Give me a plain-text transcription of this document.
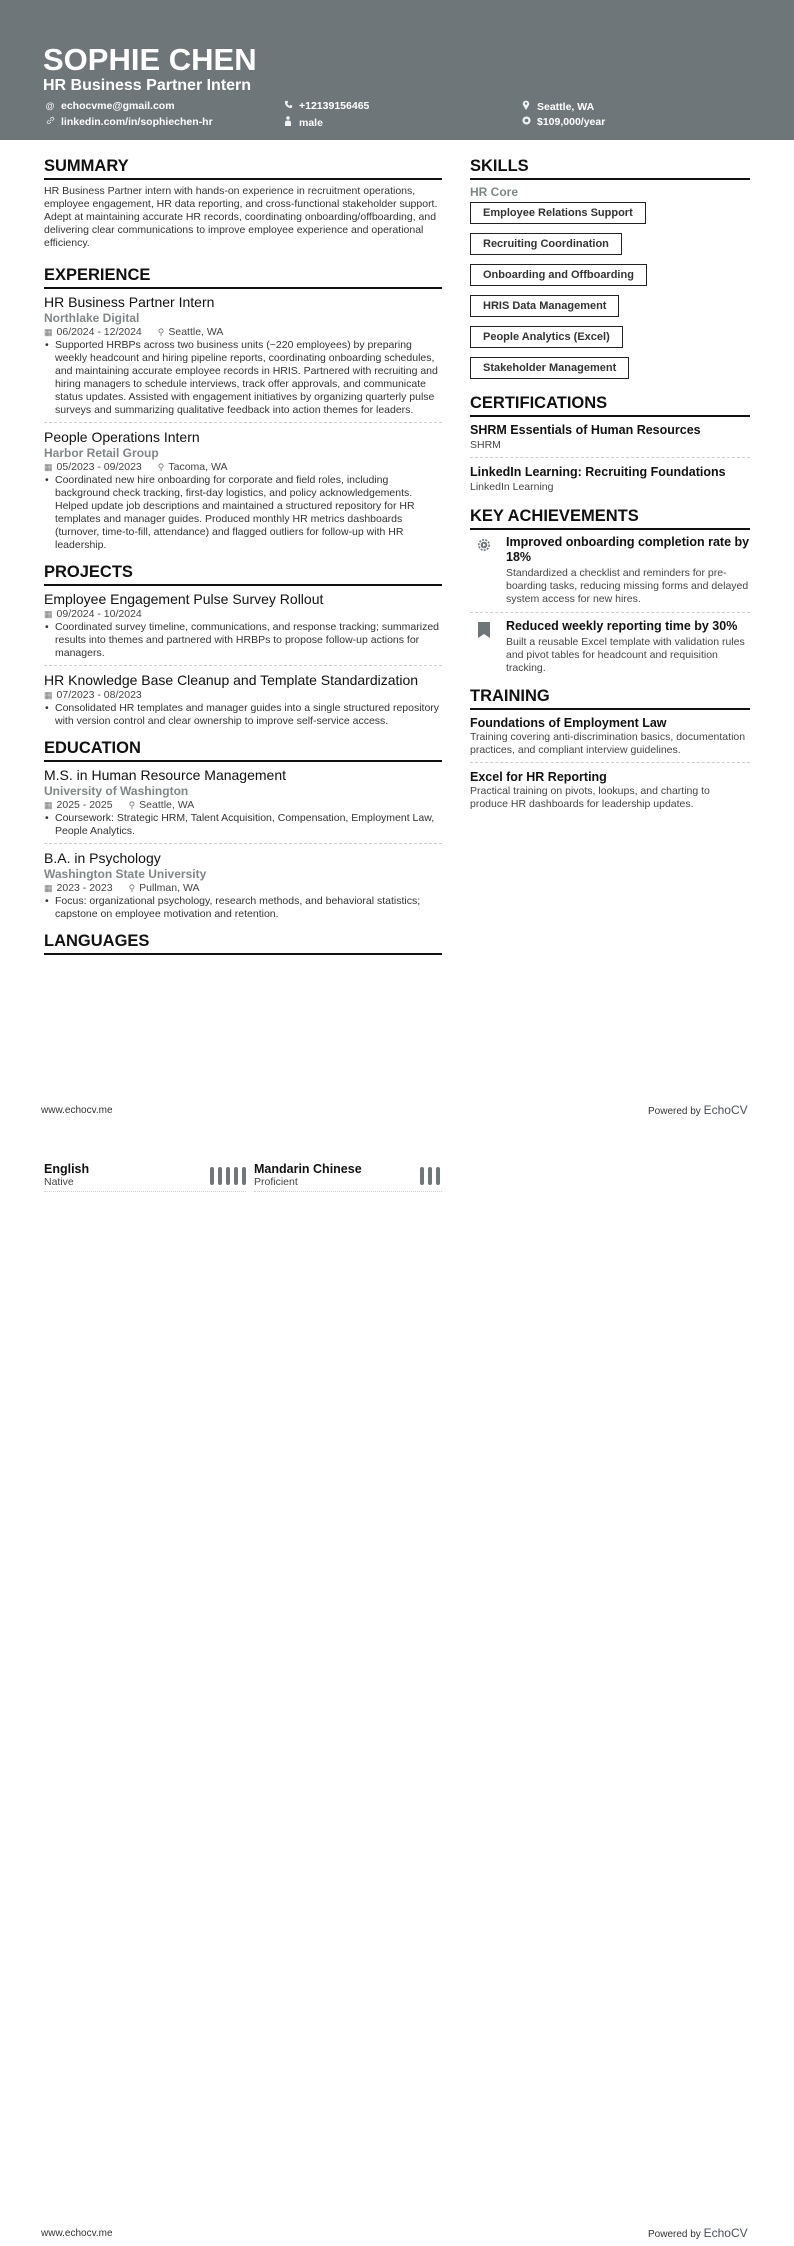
SOPHIE CHEN
HR Business Partner Intern
@ echocvme@gmail.com
linkedin.com/in/sophiechen-hr
+12139156465
male
Seattle, WA
$109,000/year
SUMMARY
HR Business Partner intern with hands-on experience in recruitment operations, employee engagement, HR data reporting, and cross-functional stakeholder support. Adept at maintaining accurate HR records, coordinating onboarding/offboarding, and delivering clear communications to improve employee experience and operational efficiency.
EXPERIENCE
HR Business Partner Intern
Northlake Digital
▦ 06/2024 - 12/2024 ⚲ Seattle, WA
• Supported HRBPs across two business units (~220 employees) by preparing weekly headcount and hiring pipeline reports, coordinating onboarding schedules, and maintaining accurate employee records in HRIS. Partnered with recruiting and hiring managers to schedule interviews, track offer approvals, and communicate status updates. Assisted with engagement initiatives by organizing quarterly pulse surveys and summarizing qualitative feedback into action themes for leaders.
People Operations Intern
Harbor Retail Group
▦ 05/2023 - 09/2023 ⚲ Tacoma, WA
• Coordinated new hire onboarding for corporate and field roles, including background check tracking, first-day logistics, and policy acknowledgements. Helped update job descriptions and maintained a structured repository for HR templates and manager guides. Produced monthly HR metrics dashboards (turnover, time-to-fill, attendance) and flagged outliers for follow-up with HR leadership.
PROJECTS
Employee Engagement Pulse Survey Rollout
▦ 09/2024 - 10/2024
• Coordinated survey timeline, communications, and response tracking; summarized results into themes and partnered with HRBPs to propose follow-up actions for managers.
HR Knowledge Base Cleanup and Template Standardization
▦ 07/2023 - 08/2023
• Consolidated HR templates and manager guides into a single structured repository with version control and clear ownership to improve self-service access.
EDUCATION
M.S. in Human Resource Management
University of Washington
▦ 2025 - 2025 ⚲ Seattle, WA
• Coursework: Strategic HRM, Talent Acquisition, Compensation, Employment Law, People Analytics.
B.A. in Psychology
Washington State University
▦ 2023 - 2023 ⚲ Pullman, WA
• Focus: organizational psychology, research methods, and behavioral statistics; capstone on employee motivation and retention.
LANGUAGES
SKILLS
HR Core
Employee Relations Support
Recruiting Coordination
Onboarding and Offboarding
HRIS Data Management
People Analytics (Excel)
Stakeholder Management
CERTIFICATIONS
SHRM Essentials of Human Resources
SHRM
LinkedIn Learning: Recruiting Foundations
LinkedIn Learning
KEY ACHIEVEMENTS
Improved onboarding completion rate by 18%
Standardized a checklist and reminders for pre-boarding tasks, reducing missing forms and delayed system access for new hires.
Reduced weekly reporting time by 30%
Built a reusable Excel template with validation rules and pivot tables for headcount and requisition tracking.
TRAINING
Foundations of Employment Law
Training covering anti-discrimination basics, documentation practices, and compliant interview guidelines.
Excel for HR Reporting
Practical training on pivots, lookups, and charting to produce HR dashboards for leadership updates.
www.echocv.me	Powered by EchoCV
English
Native
Mandarin Chinese
Proficient
www.echocv.me	Powered by EchoCV
